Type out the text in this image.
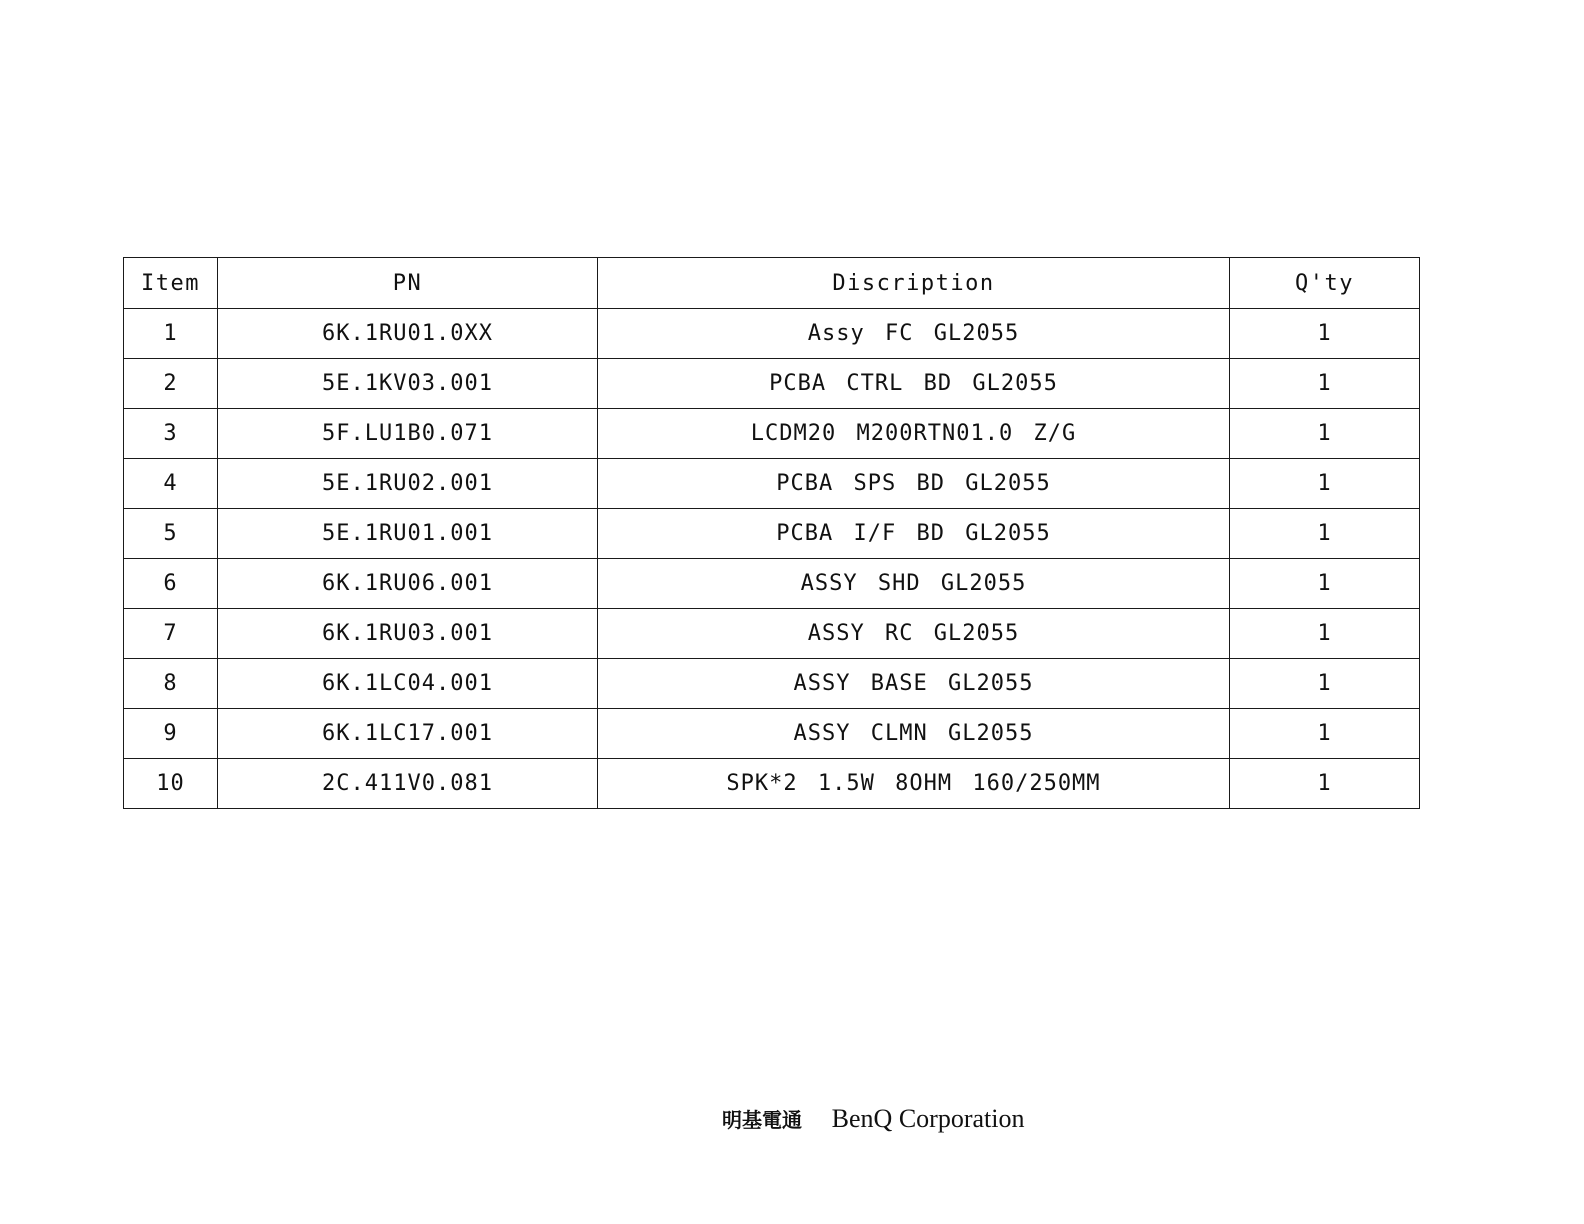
Item	PN	Discription	Q'ty
1	6K.1RU01.0XX	Assy FC GL2055	1
2	5E.1KV03.001	PCBA CTRL BD GL2055	1
3	5F.LU1B0.071	LCDM20 M200RTN01.0 Z/G	1
4	5E.1RU02.001	PCBA SPS BD GL2055	1
5	5E.1RU01.001	PCBA I/F BD GL2055	1
6	6K.1RU06.001	ASSY SHD GL2055	1
7	6K.1RU03.001	ASSY RC GL2055	1
8	6K.1LC04.001	ASSY BASE GL2055	1
9	6K.1LC17.001	ASSY CLMN GL2055	1
10	2C.411V0.081	SPK*2 1.5W 8OHM 160/250MM	1
明基電通 BenQ Corporation
